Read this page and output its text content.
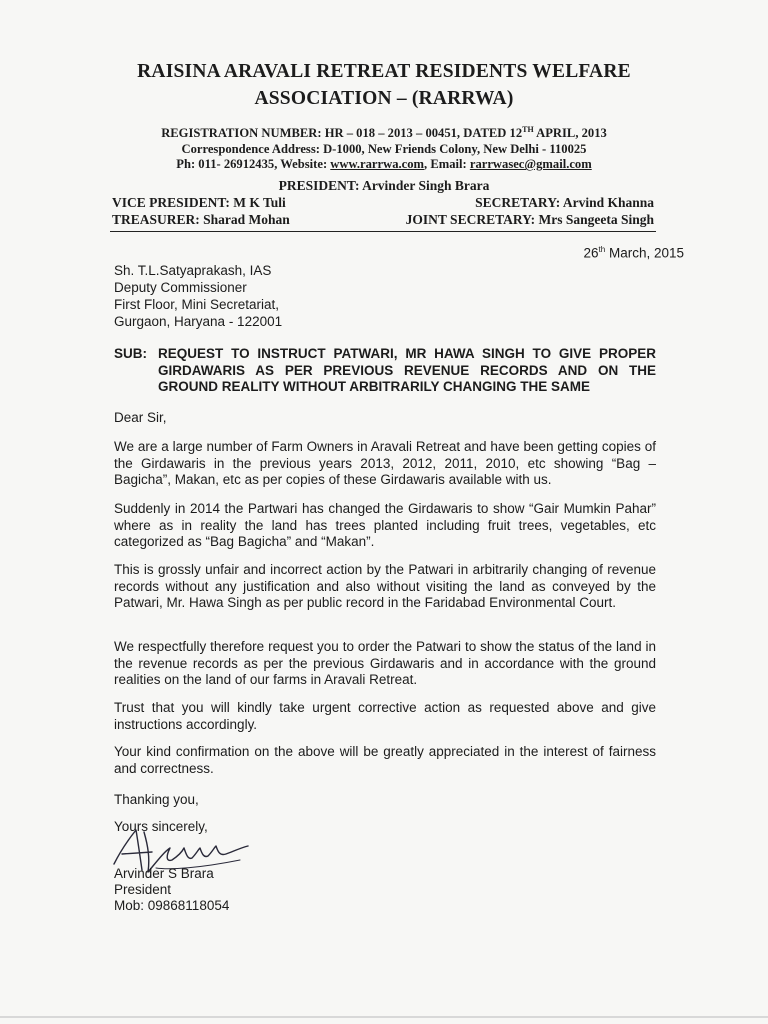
RAISINA ARAVALI RETREAT RESIDENTS WELFARE
ASSOCIATION – (RARRWA)
REGISTRATION NUMBER: HR – 018 – 2013 – 00451, DATED 12TH APRIL, 2013
Correspondence Address: D-1000, New Friends Colony, New Delhi - 110025
Ph: 011- 26912435, Website: www.rarrwa.com, Email: rarrwasec@gmail.com
PRESIDENT: Arvinder Singh Brara
VICE PRESIDENT: M K Tuli	SECRETARY: Arvind Khanna
TREASURER: Sharad Mohan	JOINT SECRETARY: Mrs Sangeeta Singh
26th March, 2015
Sh. T.L.Satyaprakash, IAS
Deputy Commissioner
First Floor, Mini Secretariat,
Gurgaon, Haryana - 122001
SUB: REQUEST TO INSTRUCT PATWARI, MR HAWA SINGH TO GIVE PROPER GIRDAWARIS AS PER PREVIOUS REVENUE RECORDS AND ON THE GROUND REALITY WITHOUT ARBITRARILY CHANGING THE SAME
Dear Sir,

We are a large number of Farm Owners in Aravali Retreat and have been getting copies of the Girdawaris in the previous years 2013, 2012, 2011, 2010, etc showing “Bag – Bagicha”, Makan, etc as per copies of these Girdawaris available with us.

Suddenly in 2014 the Partwari has changed the Girdawaris to show “Gair Mumkin Pahar” where as in reality the land has trees planted including fruit trees, vegetables, etc categorized as “Bag Bagicha” and “Makan”.

This is grossly unfair and incorrect action by the Patwari in arbitrarily changing of revenue records without any justification and also without visiting the land as conveyed by the Patwari, Mr. Hawa Singh as per public record in the Faridabad Environmental Court.

We respectfully therefore request you to order the Patwari to show the status of the land in the revenue records as per the previous Girdawaris and in accordance with the ground realities on the land of our farms in Aravali Retreat.

Trust that you will kindly take urgent corrective action as requested above and give instructions accordingly.

Your kind confirmation on the above will be greatly appreciated in the interest of fairness and correctness.

Thanking you,
Yours sincerely,
Arvinder S Brara
President
Mob: 09868118054
